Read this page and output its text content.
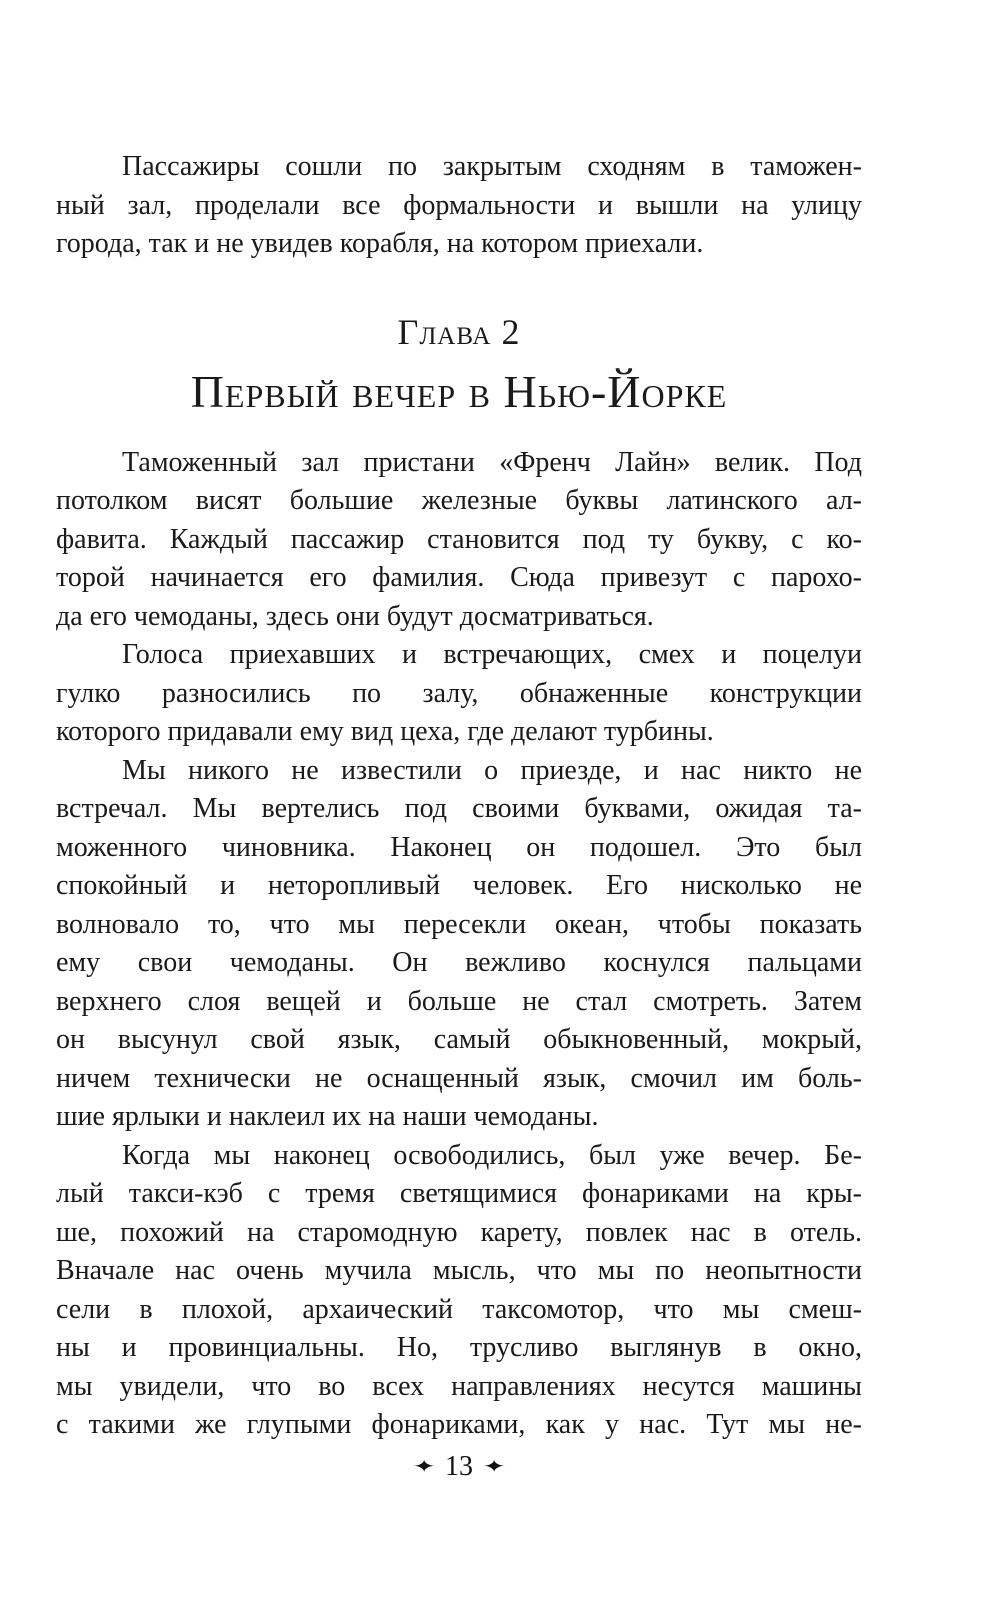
Пассажиры сошли по закрытым сходням в таможен-
ный зал, проделали все формальности и вышли на улицу
города, так и не увидев корабля, на котором приехали.
Глава 2
Первый вечер в Нью-Йорке
Таможенный зал пристани «Френч Лайн» велик. Под
потолком висят большие железные буквы латинского ал-
фавита. Каждый пассажир становится под ту букву, с ко-
торой начинается его фамилия. Сюда привезут с парохо-
да его чемоданы, здесь они будут досматриваться.
Голоса приехавших и встречающих, смех и поцелуи
гулко разносились по залу, обнаженные конструкции
которого придавали ему вид цеха, где делают турбины.
Мы никого не известили о приезде, и нас никто не
встречал. Мы вертелись под своими буквами, ожидая та-
моженного чиновника. Наконец он подошел. Это был
спокойный и неторопливый человек. Его нисколько не
волновало то, что мы пересекли океан, чтобы показать
ему свои чемоданы. Он вежливо коснулся пальцами
верхнего слоя вещей и больше не стал смотреть. Затем
он высунул свой язык, самый обыкновенный, мокрый,
ничем технически не оснащенный язык, смочил им боль-
шие ярлыки и наклеил их на наши чемоданы.
Когда мы наконец освободились, был уже вечер. Бе-
лый такси-кэб с тремя светящимися фонариками на кры-
ше, похожий на старомодную карету, повлек нас в отель.
Вначале нас очень мучила мысль, что мы по неопытности
сели в плохой, архаический таксомотор, что мы смеш-
ны и провинциальны. Но, трусливо выглянув в окно,
мы увидели, что во всех направлениях несутся машины
с такими же глупыми фонариками, как у нас. Тут мы не-
✦ 13 ✦
